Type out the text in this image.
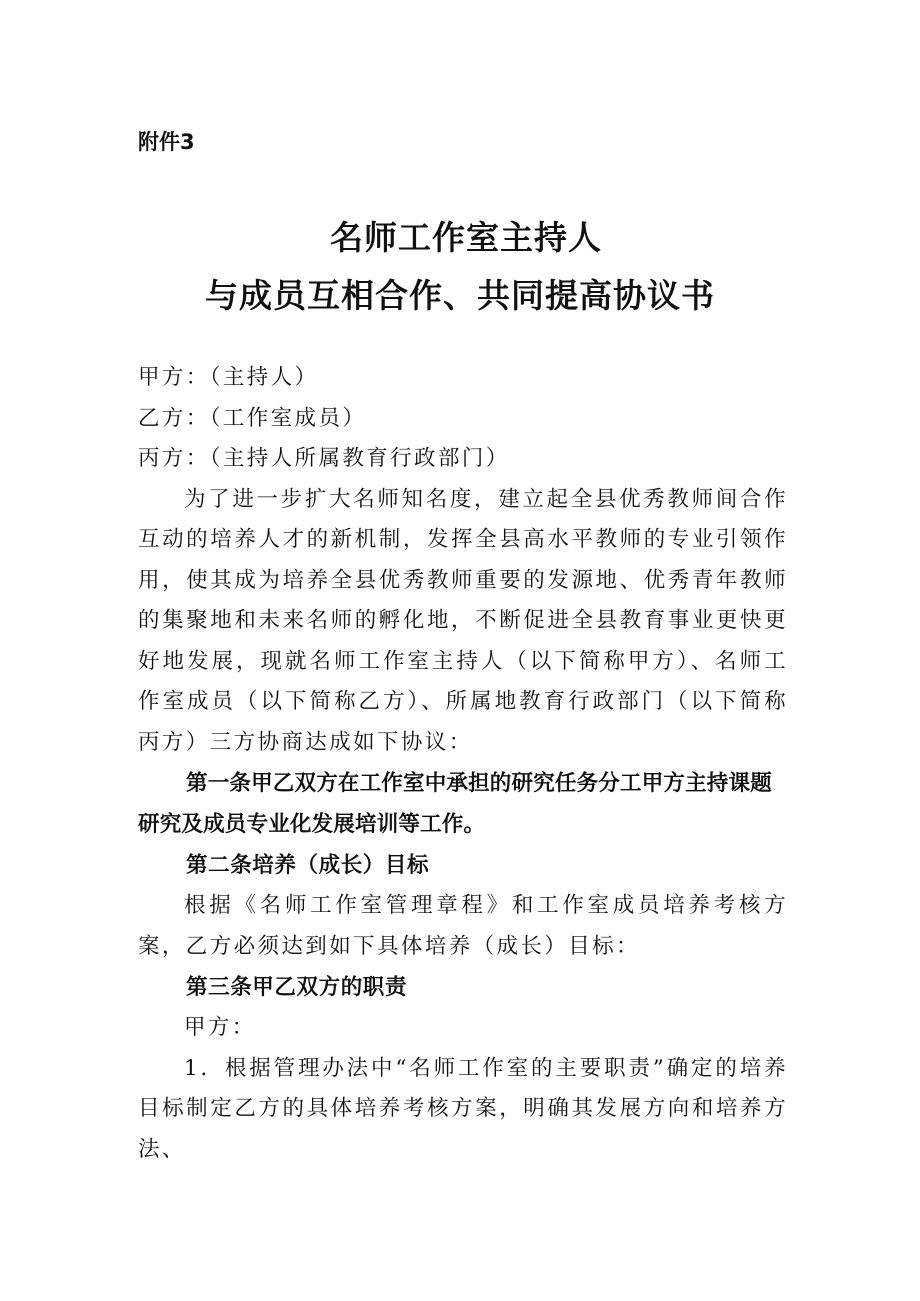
附件3
名师工作室主持人
与成员互相合作、共同提高协议书

甲方：（主持人）

乙方：（工作室成员）

丙方：（主持人所属教育行政部门）

为了进一步扩大名师知名度，建立起全县优秀教师间合作互动的培养人才的新机制，发挥全县高水平教师的专业引领作用，使其成为培养全县优秀教师重要的发源地、优秀青年教师的集聚地和未来名师的孵化地，不断促进全县教育事业更快更好地发展，现就名师工作室主持人（以下简称甲方）、名师工作室成员（以下简称乙方）、所属地教育行政部门（以下简称丙方）三方协商达成如下协议：

第一条甲乙双方在工作室中承担的研究任务分工甲方主持课题研究及成员专业化发展培训等工作。

第二条培养（成长）目标

根据《名师工作室管理章程》和工作室成员培养考核方案，乙方必须达到如下具体培养（成长）目标：

第三条甲乙双方的职责

甲方：

1．根据管理办法中“名师工作室的主要职责”确定的培养目标制定乙方的具体培养考核方案，明确其发展方向和培养方法、
